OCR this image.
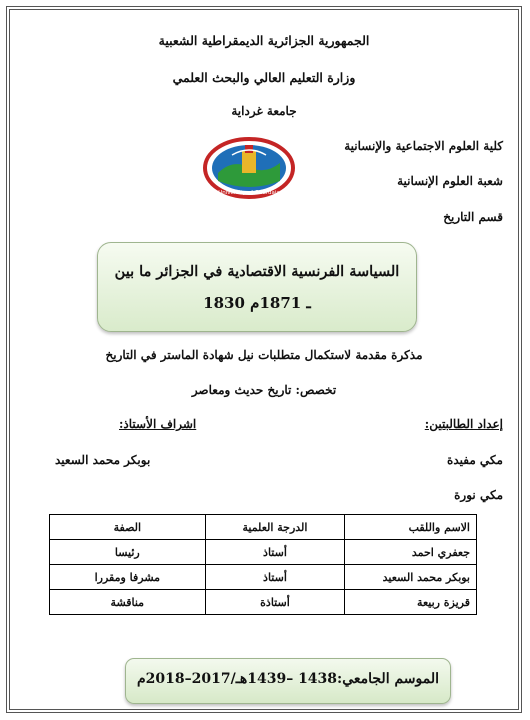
الجمهورية الجزائرية الديمقراطية الشعبية
وزارة التعليم العالي والبحث العلمي
جامعة غرداية
كلية العلوم الاجتماعية والإنسانية
شعبة العلوم الإنسانية
قسم التاريخ
University of Ghardaia
السياسة الفرنسية الاقتصادية في الجزائر ما بين
1830 ـ 1871م
مذكرة مقدمة لاستكمال متطلبات نيل شهادة الماستر في التاريخ
تخصص: تاريخ حديث ومعاصر
إعداد الطالبتين:
اشراف الأستاذ:
مكي مفيدة
بوبكر محمد السعيد
مكي نورة
الاسم واللقب	الدرجة العلمية	الصفة
جعفري احمد	أستاذ	رئيسا
بوبكر محمد السعيد	أستاذ	مشرفا ومقررا
قريزة ربيعة	أستاذة	مناقشة
الموسم الجامعي:1438 –1439هـ/2017–2018م
